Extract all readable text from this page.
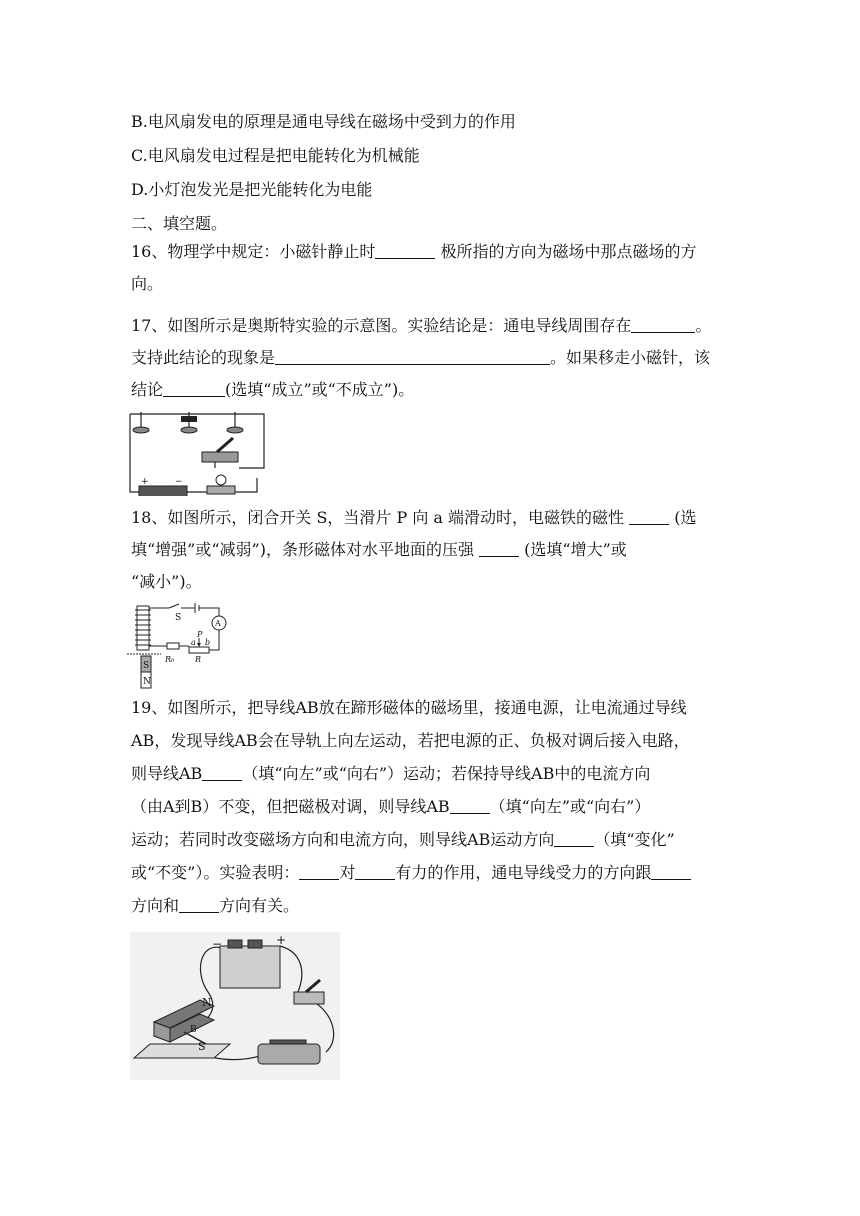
B.电风扇发电的原理是通电导线在磁场中受到力的作用
C.电风扇发电过程是把电能转化为机械能
D.小灯泡发光是把光能转化为电能
二、填空题。
16、物理学中规定：小磁针静止时	极所指的方向为磁场中那点磁场的方
向。
17、如图所示是奥斯特实验的示意图。实验结论是：通电导线周围存在	。
支持此结论的现象是	。如果移走小磁针，该
结论	(选填“成立”或“不成立”)。
+	−
18、如图所示，闭合开关 S，当滑片 P 向 a 端滑动时，电磁铁的磁性	(选
填“增强”或“减弱”)，条形磁体对水平地面的压强	(选填“增大”或
“减小”)。
S
A
P
a b
R₀	R
S
N
19、如图所示，把导线AB放在蹄形磁体的磁场里，接通电源，让电流通过导线
AB，发现导线AB会在导轨上向左运动，若把电源的正、负极对调后接入电路，
则导线AB	（填“向左”或“向右”）运动；若保持导线AB中的电流方向
（由A到B）不变，但把磁极对调，则导线AB	（填“向左”或“向右”）
运动；若同时改变磁场方向和电流方向，则导线AB运动方向	（填“变化”
或“不变”）。实验表明：	对	有力的作用，通电导线受力的方向跟
方向和	方向有关。
−	+
N
S
B
